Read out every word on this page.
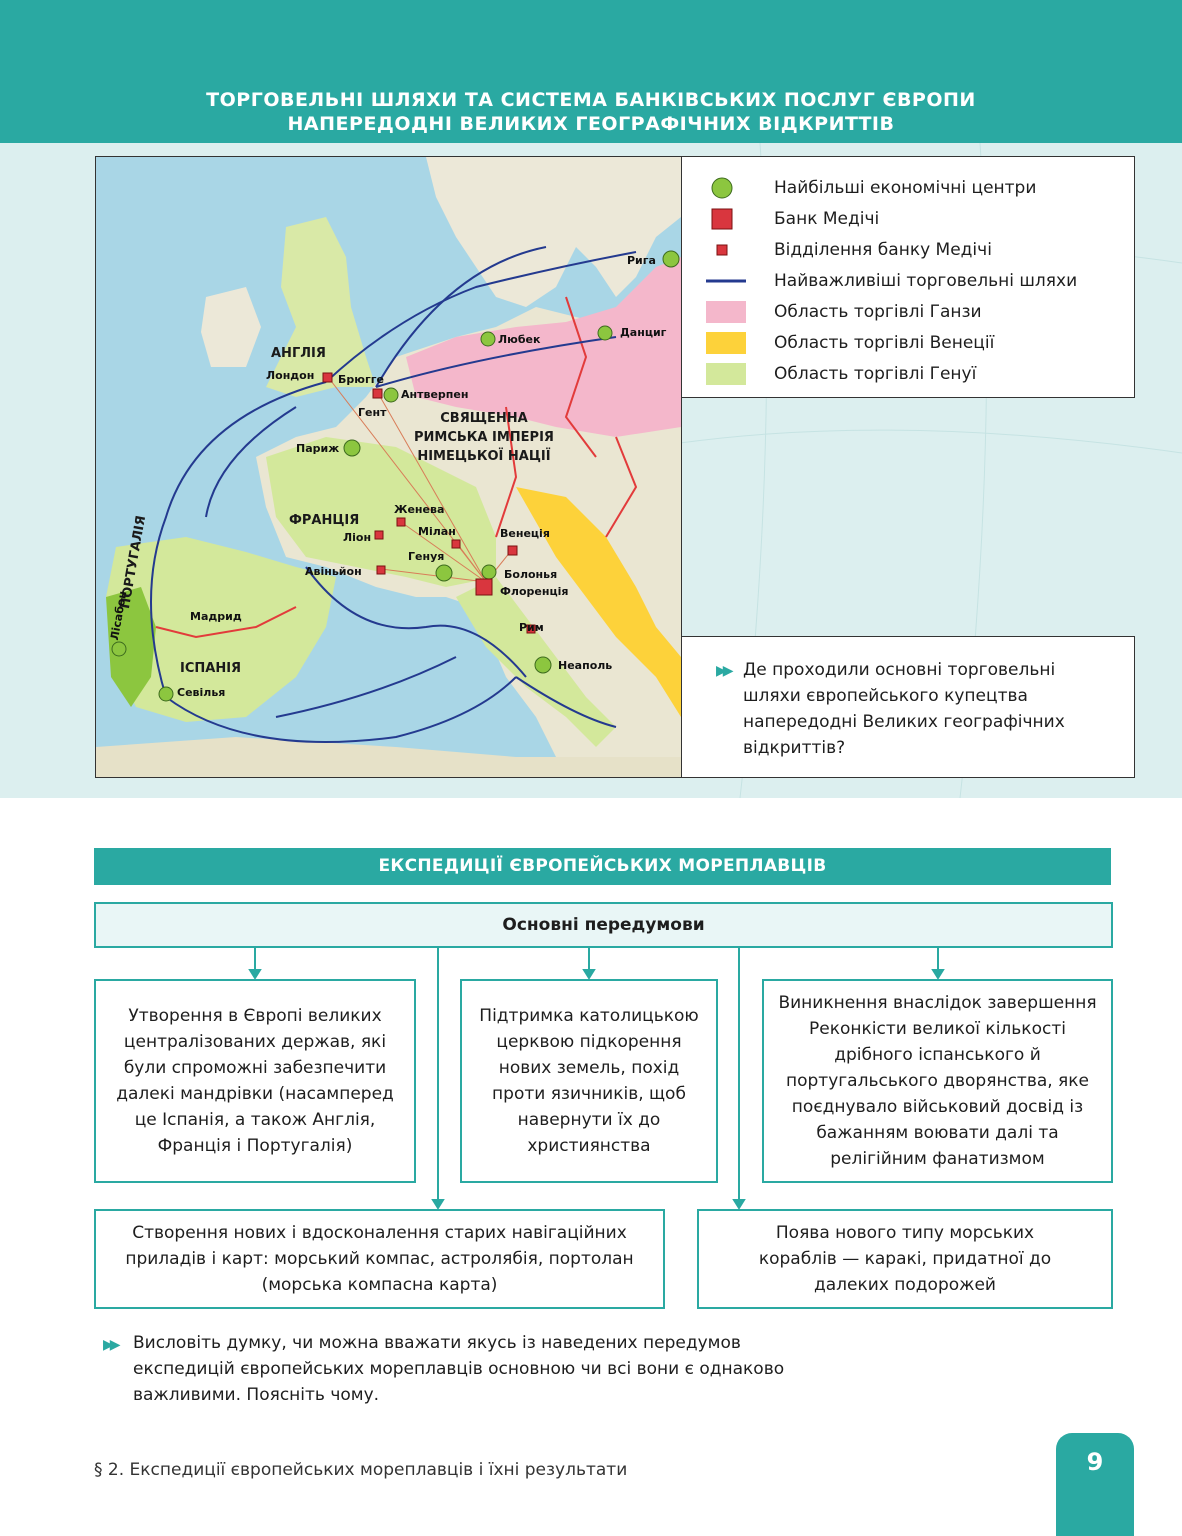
ТОРГОВЕЛЬНІ ШЛЯХИ ТА СИСТЕМА БАНКІВСЬКИХ ПОСЛУГ ЄВРОПИ
НАПЕРЕДОДНІ ВЕЛИКИХ ГЕОГРАФІЧНИХ ВІДКРИТТІВ
АНГЛІЯ
СВЯЩЕННА
РИМСЬКА ІМПЕРІЯ
НІМЕЦЬКОЇ НАЦІЇ
ФРАНЦІЯ
ПОРТУГАЛІЯ
ІСПАНІЯ
Рига
Любек
Данциг
Лондон Брюгге
Антверпен
Гент
Париж
Женева
Мілан
Ліон	Венеція
Генуя
Авіньйон	Болонья
Флоренція
Мадрид
Лісабон	Рим
Неаполь
Севілья
Найбільші економічні центри
Банк Медічі
Відділення банку Медічі
Найважливіші торговельні шляхи
Область торгівлі Ганзи
Область торгівлі Венеції
Область торгівлі Генуї
▶▶ Де проходили основні торговельні шляхи європейського купецтва напередодні Великих географічних відкриттів?
ЕКСПЕДИЦІЇ ЄВРОПЕЙСЬКИХ МОРЕПЛАВЦІВ
Основні передумови
Утворення в Європі великих централізованих держав, які були спроможні забезпечити далекі мандрівки (насамперед це Іспанія, а також Англія, Франція і Португалія)
Підтримка католицькою церквою підкорення нових земель, похід проти язичників, щоб навернути їх до християнства
Виникнення внаслідок завершення Реконкісти великої кількості дрібного іспанського й португальського дворянства, яке поєднувало військовий досвід із бажанням воювати далі та релігійним фанатизмом
Створення нових і вдосконалення старих навігаційних приладів і карт: морський компас, астролябія, портолан (морська компасна карта)
Поява нового типу морських кораблів — каракі, придатної до далеких подорожей
▶▶ Висловіть думку, чи можна вважати якусь із наведених передумов експедицій європейських мореплавців основною чи всі вони є однаково важливими. Поясніть чому.
§ 2. Експедиції європейських мореплавців і їхні результати	9
